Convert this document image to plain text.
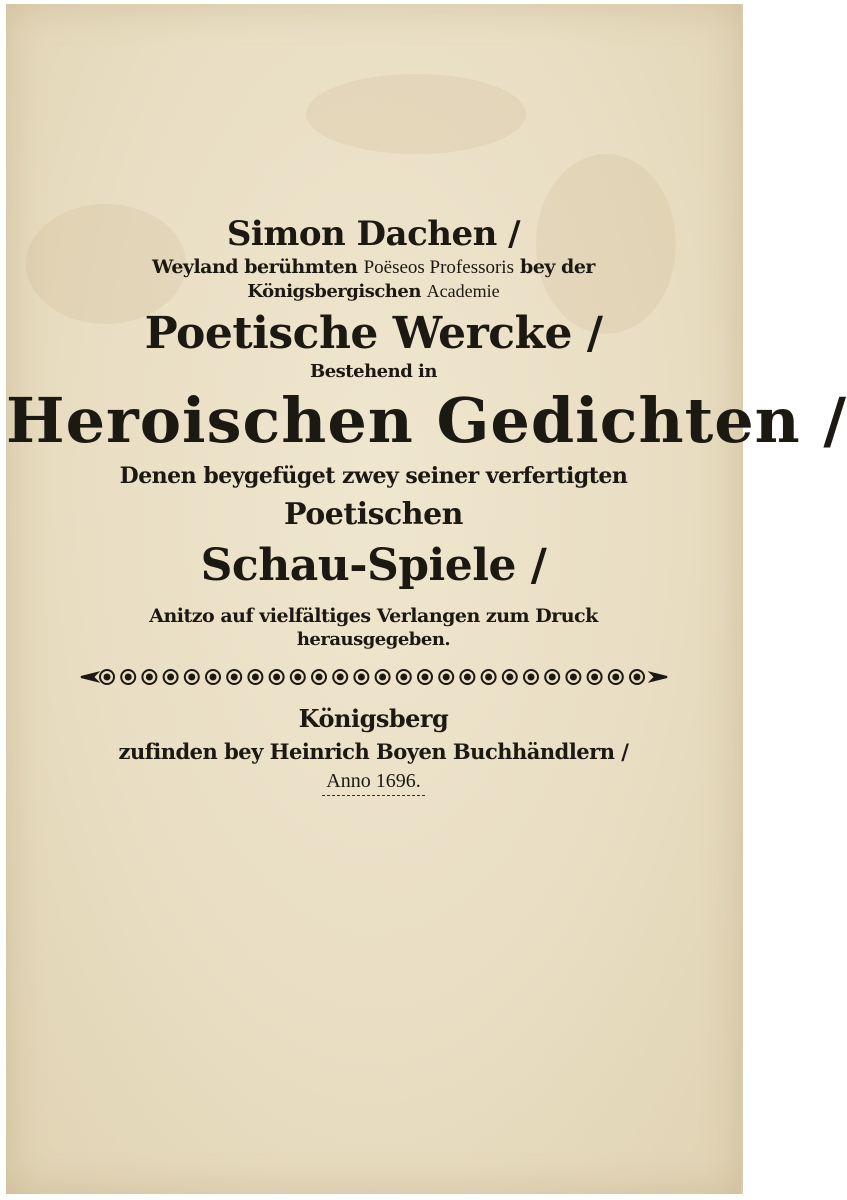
Simon Dachen /
Weyland berühmten Poëseos Professoris bey der
Königsbergischen Academie
Poetische Wercke /
Bestehend in
Heroischen Gedichten /
Denen beygefüget zwey seiner verfertigten
Poetischen
Schau-Spiele /
Anitzo auf vielfältiges Verlangen zum Druck
herausgegeben.
Königsberg
zufinden bey Heinrich Boyen Buchhändlern /
Anno 1696.
